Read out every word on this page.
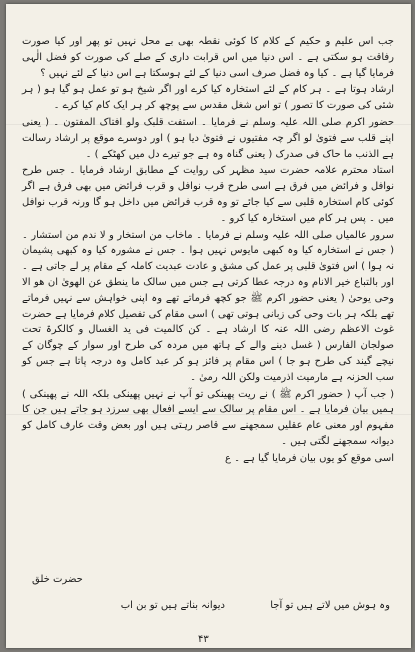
جب اس علیم و حکیم کے کلام کا کوئی نقطہ بھی بے محل نہیں تو پھر اور کیا صورت رفاقت ہو سکتی ہے ۔ اس دنیا میں اس قرابت داری کے صلے کی صورت کو فضل الٰہی فرمایا گیا ہے ۔ کیا وہ فضل صرف اسی دنیا کے لئے ہوسکتا ہے اس دنیا کے لئے نہیں ؟

ارشاد ہوتا ہے ۔ ہر کام کے لئے استخارہ کیا کرے اور اگر شیخ ہو تو عمل ہو گیا ہو ( ہر شئی کی صورت کا تصور ) تو اس شغل مقدس سے پوچھ کر ہر ایک کام کیا کرے ۔

حضور اکرم صلی اللہ علیہ وسلم نے فرمایا ۔ استفت قلبک ولو افتاک المفتون ۔ ( یعنی اپنے قلب سے فتویٰ لو اگر چہ مفتیوں نے فتویٰ دیا ہو ) اور دوسرے موقع پر ارشاد رسالت ہے الذنب ما حاک فی صدرک ( یعنی گناہ وہ ہے جو تیرے دل میں کھٹکے ) ۔

استاد محترم علامہ حضرت سید مظہر کی روایت کے مطابق ارشاد فرمایا ۔ جس طرح نوافل و فرائض میں فرق ہے اسی طرح قرب نوافل و قرب فرائض میں بھی فرق ہے اگر کوئی کام استخارہ قلبی سے کیا جائے تو وہ قرب فرائض میں داخل ہو گا ورنہ قرب نوافل میں ۔ پس ہر کام میں استخارہ کیا کرو ۔

سرور عالمیاں صلی اللہ علیہ وسلم نے فرمایا ۔ ماخاب من استخار و لا ندم من استشار ۔ ( جس نے استخارہ کیا وہ کبھی مایوس نہیں ہوا ۔ جس نے مشورہ کیا وہ کبھی پشیمان نہ ہوا ) اس فتویٰ قلبی پر عمل کی مشق و عادت عبدیت کاملہ کے مقام پر لے جاتی ہے ۔ اور بالتباع خیر الانام وہ درجہ عطا کرتی ہے جس میں سالک ما ینطق عن الھویٰ ان ھو الا وحی یوحیٰ ( یعنی حضور اکرم ﷺ جو کچھ فرماتے تھے وہ اپنی خواہش سے نہیں فرماتے تھے بلکہ ہر بات وحی کی زبانی ہوتی تھی ) اسی مقام کی تفصیل کلام فرمایا ہے حضرت غوث الاعظم رضی اللہ عنہ کا ارشاد ہے ۔ کن کالمیت فی ید الغسال و کالکرۃ تحت صولجان الفارس ( غسل دینے والے کے ہاتھ میں مردہ کی طرح اور سوار کے چوگان کے نیچے گیند کی طرح ہو جا ) اس مقام پر فائز ہو کر عبد کامل وہ درجہ پاتا ہے جس کو سب الحزنہ ہے مارمیت اذرمیت ولکن اللہ رمیٰ ۔

( جب آپ ( حضور اکرم ﷺ ) نے ریت پھینکی تو آپ نے نہیں پھینکی بلکہ اللہ نے پھینکی ) ہمیں بیان فرمایا ہے ۔ اس مقام پر سالک سے ایسے افعال بھی سرزد ہو جاتے ہیں جن کا مفہوم اور معنی عام عقلیں سمجھنے سے قاصر رہتی ہیں اور بعض وقت عارف کامل کو دیوانہ سمجھنے لگتی ہیں ۔

اسی موقع کو یوں بیان فرمایا گیا ہے ۔ ع

حضرت خلق
وہ ہوش میں لاتے ہیں تو آجا
دیوانہ بناتے ہیں تو بن اب
۴۳
